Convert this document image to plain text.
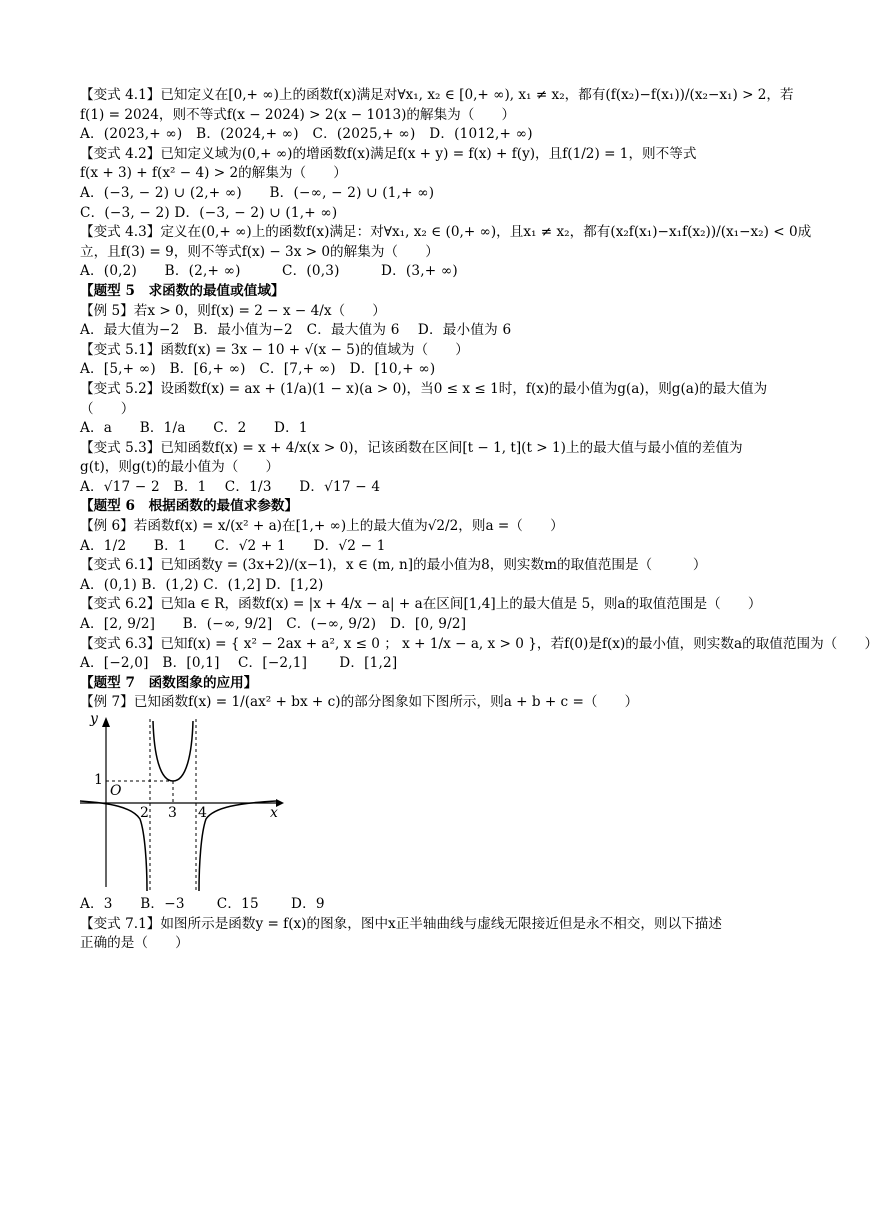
【变式 4.1】已知定义在[0,+ ∞)上的函数f(x)满足对∀x₁, x₂ ∈ [0,+ ∞), x₁ ≠ x₂，都有(f(x₂)−f(x₁))/(x₂−x₁) > 2，若
f(1) = 2024，则不等式f(x − 2024) > 2(x − 1013)的解集为（　　）
A．(2023,+ ∞)　B．(2024,+ ∞)　C．(2025,+ ∞)　D．(1012,+ ∞)
【变式 4.2】已知定义域为(0,+ ∞)的增函数f(x)满足f(x + y) = f(x) + f(y)，且f(1/2) = 1，则不等式
f(x + 3) + f(x² − 4) > 2的解集为（　　）
A．(−3, − 2) ∪ (2,+ ∞)　　B．(−∞, − 2) ∪ (1,+ ∞)
C．(−3, − 2) D．(−3, − 2) ∪ (1,+ ∞)
【变式 4.3】定义在(0,+ ∞)上的函数f(x)满足：对∀x₁, x₂ ∈ (0,+ ∞)，且x₁ ≠ x₂，都有(x₂f(x₁)−x₁f(x₂))/(x₁−x₂) < 0成
立，且f(3) = 9，则不等式f(x) − 3x > 0的解集为（　　）
A．(0,2)　　B．(2,+ ∞)　　　C．(0,3)　　　D．(3,+ ∞)
【题型 5　求函数的最值或值域】
【例 5】若x > 0，则f(x) = 2 − x − 4/x（　　）
A．最大值为−2　B．最小值为−2　C．最大值为 6　 D．最小值为 6
【变式 5.1】函数f(x) = 3x − 10 + √(x − 5)的值域为（　　）
A．[5,+ ∞)　B．[6,+ ∞)　C．[7,+ ∞)　D．[10,+ ∞)
【变式 5.2】设函数f(x) = ax + (1/a)(1 − x)(a > 0)，当0 ≤ x ≤ 1时，f(x)的最小值为g(a)，则g(a)的最大值为
（　　）
A．a　　B．1/a　　C．2　　D．1
【变式 5.3】已知函数f(x) = x + 4/x(x > 0)，记该函数在区间[t − 1, t](t > 1)上的最大值与最小值的差值为
g(t)，则g(t)的最小值为（　　）
A．√17 − 2　B．1　 C．1/3　　D．√17 − 4
【题型 6　根据函数的最值求参数】
【例 6】若函数f(x) = x/(x² + a)在[1,+ ∞)上的最大值为√2/2，则a =（　　）
A．1/2　　B．1　　C．√2 + 1　　D．√2 − 1
【变式 6.1】已知函数y = (3x+2)/(x−1)，x ∈ (m, n]的最小值为8，则实数m的取值范围是（　　　）
A．(0,1) B．(1,2) C．(1,2] D．[1,2)
【变式 6.2】已知a ∈ R，函数f(x) = |x + 4/x − a| + a在区间[1,4]上的最大值是 5，则a的取值范围是（　　）
A．[2, 9/2]　　B．(−∞, 9/2]　C．(−∞, 9/2)　D．[0, 9/2]
【变式 6.3】已知f(x) = { x² − 2ax + a², x ≤ 0 ； x + 1/x − a, x > 0 }，若f(0)是f(x)的最小值，则实数a的取值范围为（　　）
A．[−2,0]　B．[0,1]　 C．[−2,1]　　 D．[1,2]
【题型 7　函数图象的应用】
【例 7】已知函数f(x) = 1/(ax² + bx + c)的部分图象如下图所示，则a + b + c =（　　）
y
x
O
1
2 3 4
A．3　　B．−3　　 C．15　　 D．9
【变式 7.1】如图所示是函数y = f(x)的图象，图中x正半轴曲线与虚线无限接近但是永不相交，则以下描述
正确的是（　　）
